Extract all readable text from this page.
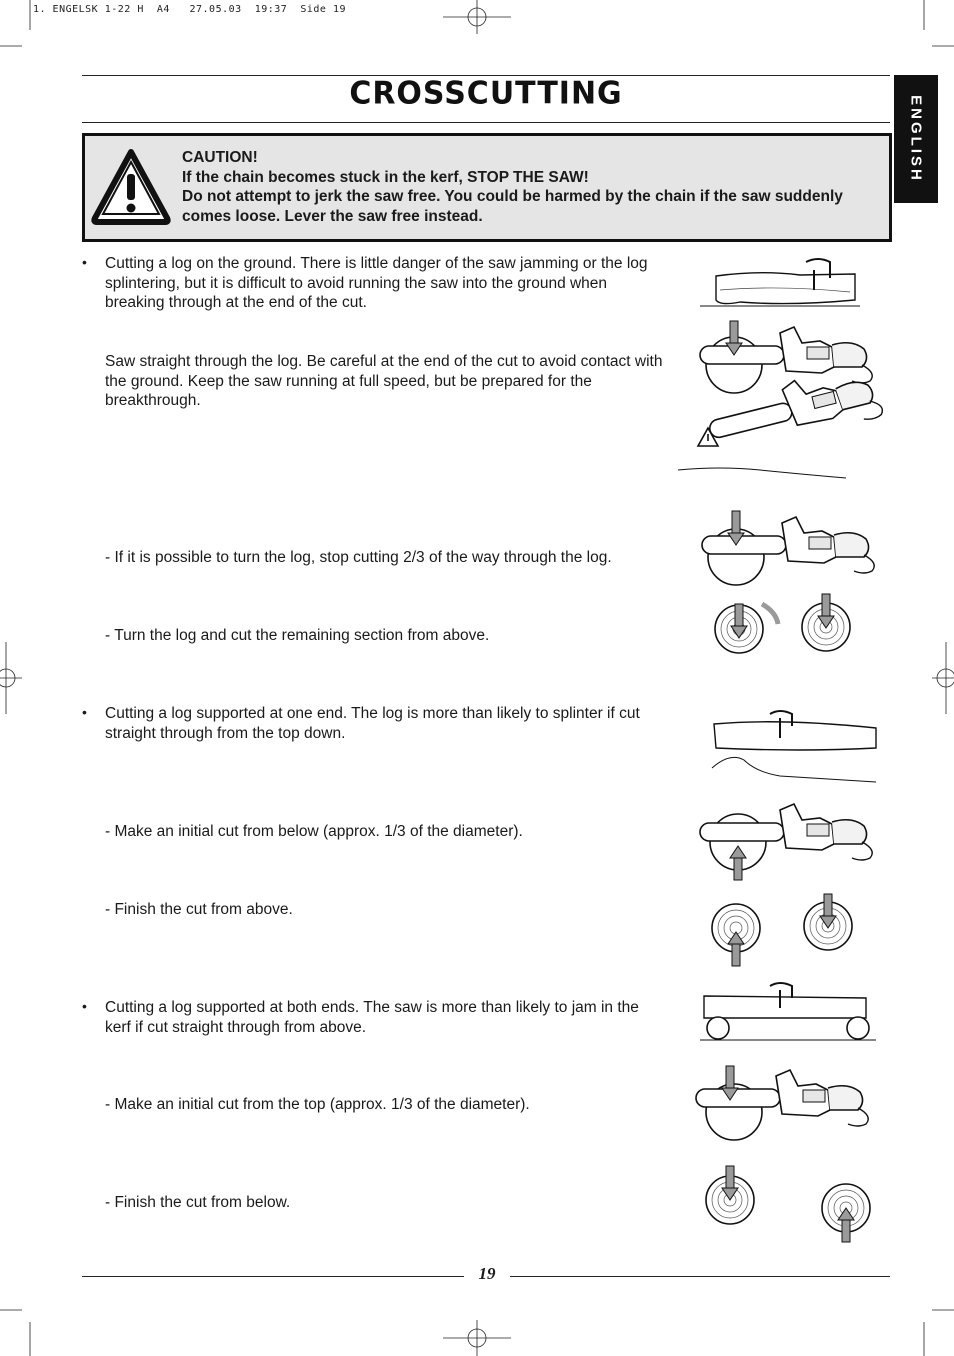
1. ENGELSK 1-22 H  A4   27.05.03  19:37  Side 19
CROSSCUTTING
ENGLISH
CAUTION!
If the chain becomes stuck in the kerf, STOP THE SAW!
Do not attempt to jerk the saw free. You could be harmed by the chain if the saw suddenly comes loose. Lever the saw free instead.
• Cutting a log on the ground. There is little danger of the saw jamming or the log splintering, but it is difficult to avoid running the saw into the ground when breaking through at the end of the cut.
Saw straight through the log. Be careful at the end of the cut to avoid contact with the ground. Keep the saw running at full speed, but be prepared for the breakthrough.
- If it is possible to turn the log, stop cutting 2/3 of the way through the log.
- Turn the log and cut the remaining section from above.
• Cutting a log supported at one end. The log is more than likely to splinter if cut straight through from the top down.
- Make an initial cut from below (approx. 1/3 of the diameter).
- Finish the cut from above.
• Cutting a log supported at both ends. The saw is more than likely to jam in the kerf if cut straight through from above.
- Make an initial cut from the top (approx. 1/3 of the diameter).
- Finish the cut from below.
19
